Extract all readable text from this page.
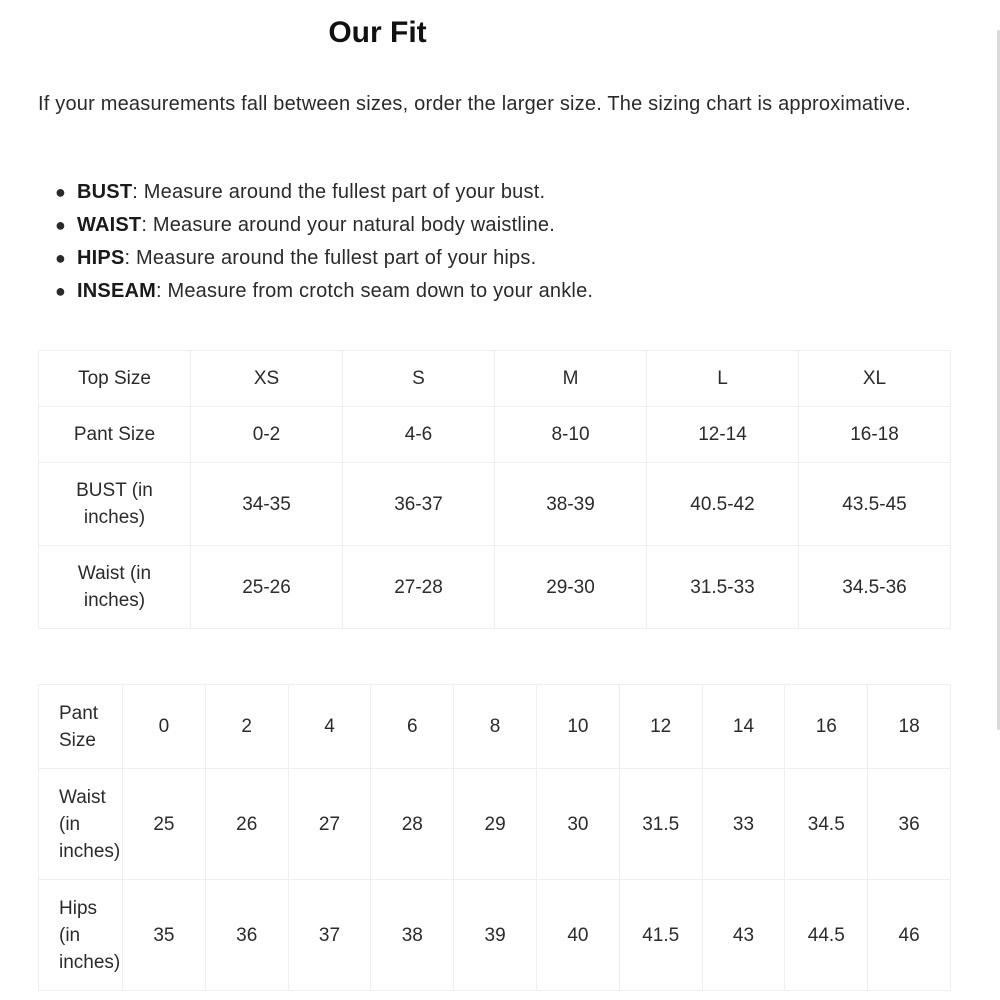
Our Fit

If your measurements fall between sizes, order the larger size. The sizing chart is approximative.

● BUST: Measure around the fullest part of your bust.
● WAIST: Measure around your natural body waistline.
● HIPS: Measure around the fullest part of your hips.
● INSEAM: Measure from crotch seam down to your ankle.
Top Size	XS	S	M	L	XL
Pant Size	0-2	4-6	8-10	12-14	16-18

BUST (in
inches)	34-35	36-37	38-39	40.5-42	43.5-45

Waist (in
inches)	25-26	27-28	29-30	31.5-33	34.5-36
Pant
Size	0	2	4	6	8	10	12	14	16	18

Waist
(in
inches)	25	26	27	28	29	30	31.5	33	34.5	36

Hips
(in
inches)	35	36	37	38	39	40	41.5	43	44.5	46
